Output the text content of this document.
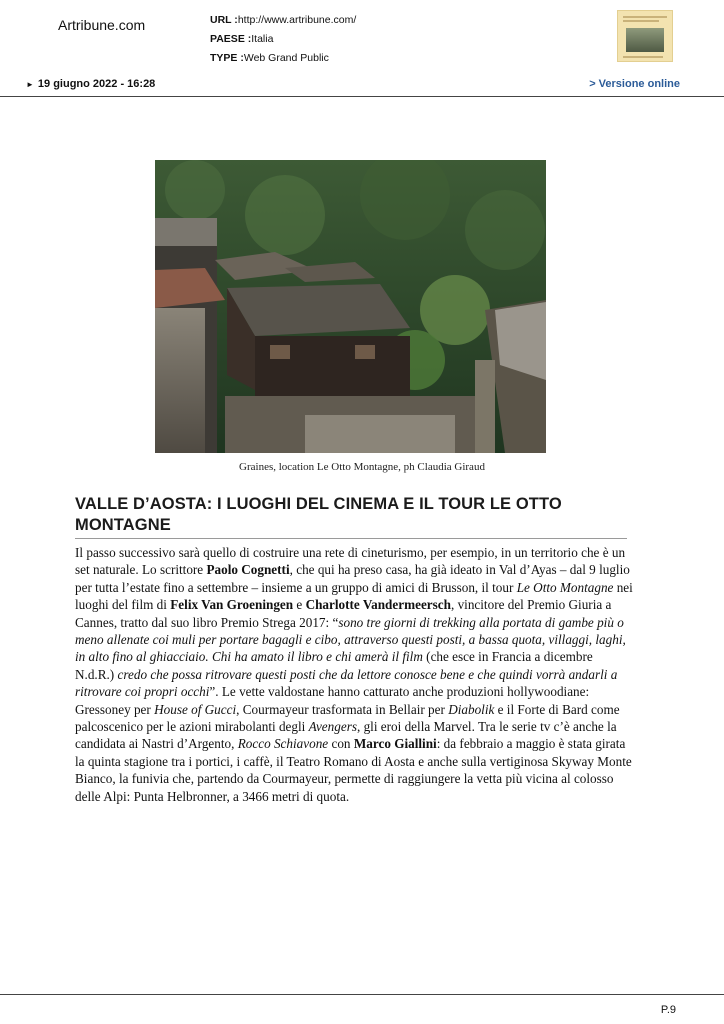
Artribune.com	URL :http://www.artribune.com/
PAESE :Italia
TYPE :Web Grand Public
► 19 giugno 2022 - 16:28	> Versione online
Graines, location Le Otto Montagne, ph Claudia Giraud
VALLE D’AOSTA: I LUOGHI DEL CINEMA E IL TOUR LE OTTO MONTAGNE

Il passo successivo sarà quello di costruire una rete di cineturismo, per esempio, in un territorio che è un set naturale. Lo scrittore Paolo Cognetti, che qui ha preso casa, ha già ideato in Val d’Ayas – dal 9 luglio per tutta l’estate fino a settembre – insieme a un gruppo di amici di Brusson, il tour Le Otto Montagne nei luoghi del film di Felix Van Groeningen e Charlotte Vandermeersch, vincitore del Premio Giuria a Cannes, tratto dal suo libro Premio Strega 2017: “sono tre giorni di trekking alla portata di gambe più o meno allenate coi muli per portare bagagli e cibo, attraverso questi posti, a bassa quota, villaggi, laghi, in alto fino al ghiacciaio. Chi ha amato il libro e chi amerà il film (che esce in Francia a dicembre N.d.R.) credo che possa ritrovare questi posti che da lettore conosce bene e che quindi vorrà andarli a ritrovare coi propri occhi”. Le vette valdostane hanno catturato anche produzioni hollywoodiane: Gressoney per House of Gucci, Courmayeur trasformata in Bellair per Diabolik e il Forte di Bard come palcoscenico per le azioni mirabolanti degli Avengers, gli eroi della Marvel. Tra le serie tv c’è anche la candidata ai Nastri d’Argento, Rocco Schiavone con Marco Giallini: da febbraio a maggio è stata girata la quinta stagione tra i portici, i caffè, il Teatro Romano di Aosta e anche sulla vertiginosa Skyway Monte Bianco, la funivia che, partendo da Courmayeur, permette di raggiungere la vetta più vicina al colosso delle Alpi: Punta Helbronner, a 3466 metri di quota.

P.9
